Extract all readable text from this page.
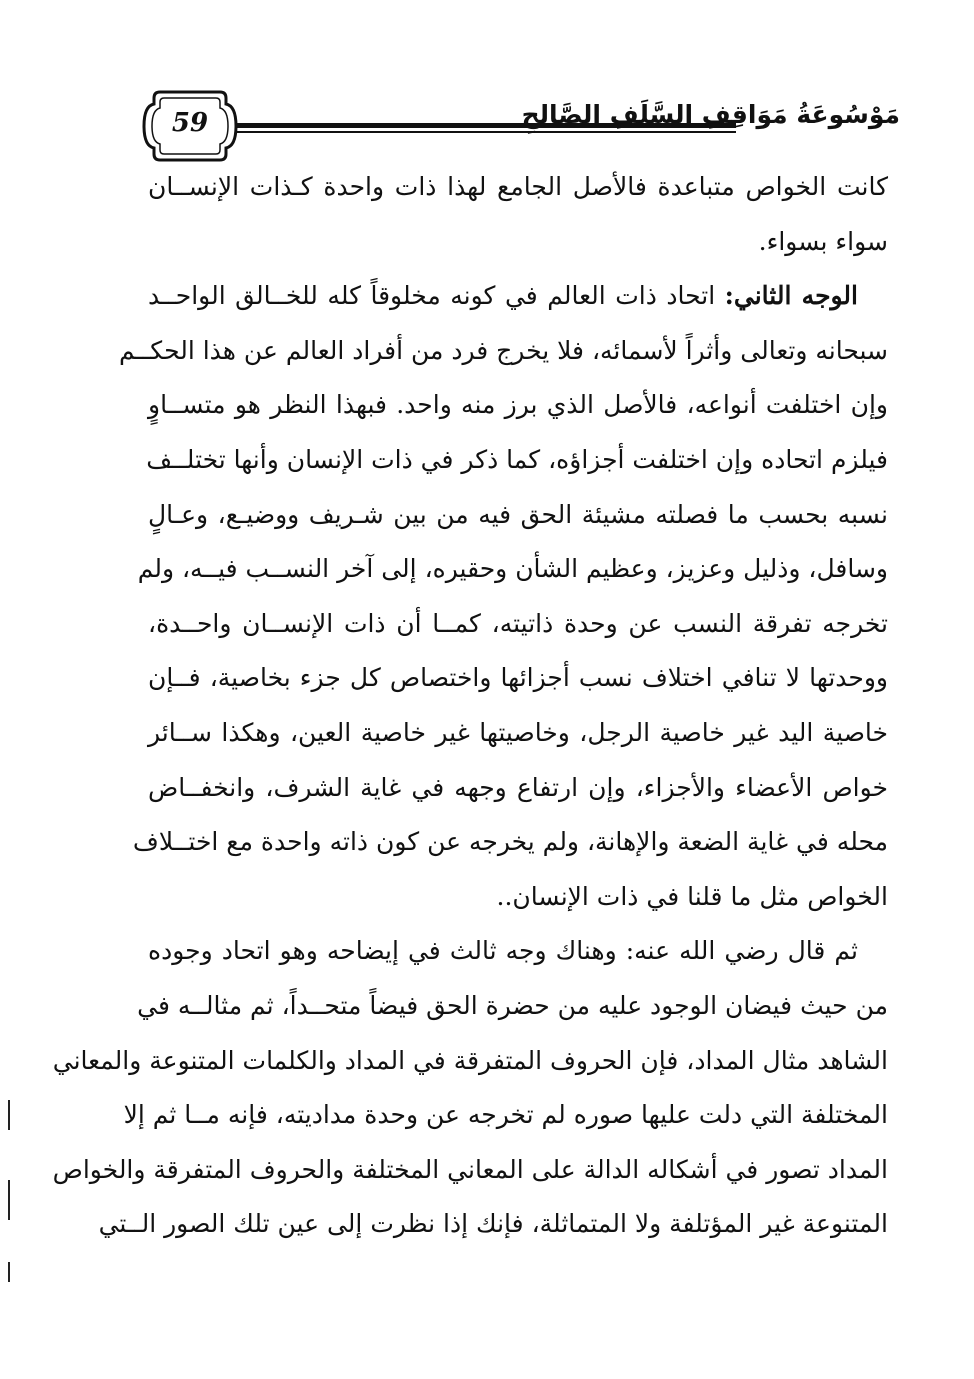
59	مَوْسُوعَةُ مَوَاقِفِ السَّلَفِ الصَّالِحِ
كانت الخواص متباعدة فالأصل الجامع لهذا ذات واحدة كـذات الإنســان
سواء بسواء.
الوجه الثاني: اتحاد ذات العالم في كونه مخلوقاً كله للخــالق الواحــد
سبحانه وتعالى وأثراً لأسمائه، فلا يخرج فرد من أفراد العالم عن هذا الحكــم
وإن اختلفت أنواعه، فالأصل الذي برز منه واحد. فبهذا النظر هو متســاوٍ
فيلزم اتحاده وإن اختلفت أجزاؤه، كما ذكر في ذات الإنسان وأنها تختلــف
نسبه بحسب ما فصلته مشيئة الحق فيه من بين شـريف ووضيـع، وعـالٍ
وسافل، وذليل وعزيز، وعظيم الشأن وحقيره، إلى آخر النســب فيــه، ولم
تخرجه تفرقة النسب عن وحدة ذاتيته، كمــا أن ذات الإنســان واحــدة،
ووحدتها لا تنافي اختلاف نسب أجزائها واختصاص كل جزء بخاصية، فــإن
خاصية اليد غير خاصية الرجل، وخاصيتها غير خاصية العين، وهكذا ســائر
خواص الأعضاء والأجزاء، وإن ارتفاع وجهه في غاية الشرف، وانخفــاض
محله في غاية الضعة والإهانة، ولم يخرجه عن كون ذاته واحدة مع اختــلاف
الخواص مثل ما قلنا في ذات الإنسان..
ثم قال رضي الله عنه: وهناك وجه ثالث في إيضاحه وهو اتحاد وجوده
من حيث فيضان الوجود عليه من حضرة الحق فيضاً متحــداً، ثم مثالــه في
الشاهد مثال المداد، فإن الحروف المتفرقة في المداد والكلمات المتنوعة والمعاني
المختلفة التي دلت عليها صوره لم تخرجه عن وحدة مداديته، فإنه مــا ثم إلا
المداد تصور في أشكاله الدالة على المعاني المختلفة والحروف المتفرقة والخواص
المتنوعة غير المؤتلفة ولا المتماثلة، فإنك إذا نظرت إلى عين تلك الصور الــتي
